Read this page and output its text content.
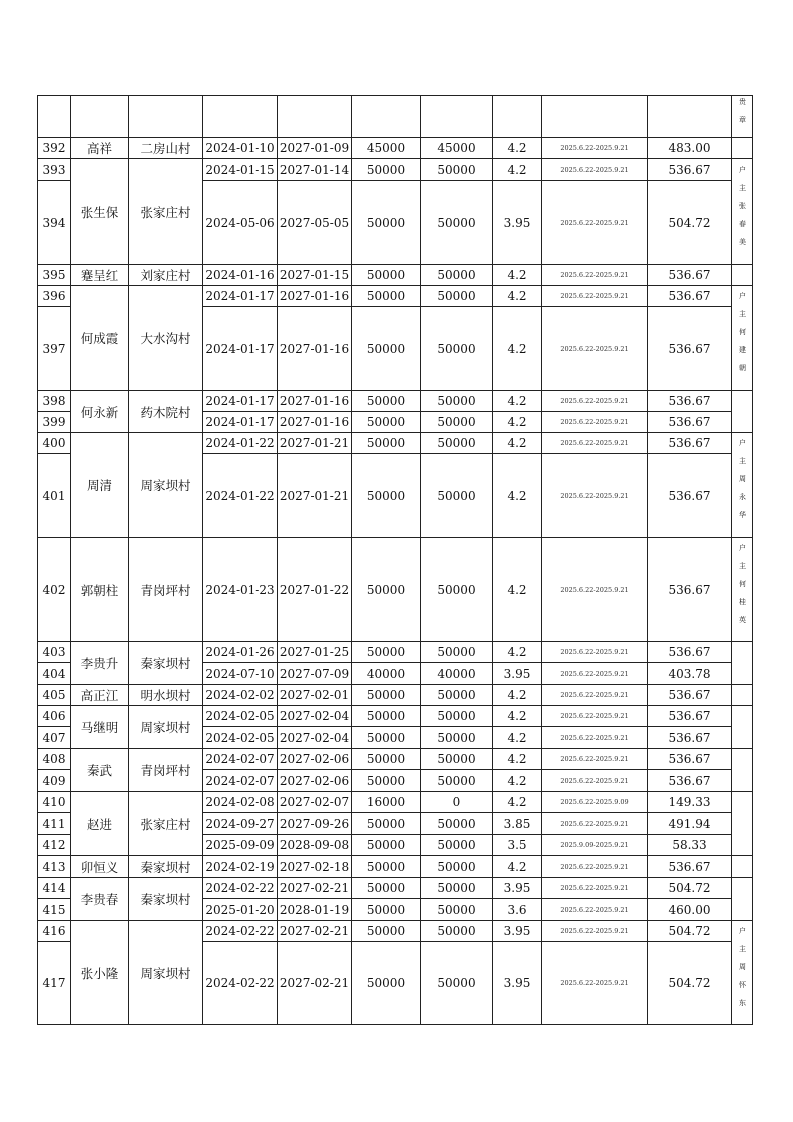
										贵章
392	高祥	二房山村	2024-01-10	2027-01-09	45000	45000	4.2	2025.6.22-2025.9.21	483.00	
393	张生保	张家庄村	2024-01-15	2027-01-14	50000	50000	4.2	2025.6.22-2025.9.21	536.67	户主张春美
394			2024-05-06	2027-05-05	50000	50000	3.95	2025.6.22-2025.9.21	504.72	
395	蹇呈红	刘家庄村	2024-01-16	2027-01-15	50000	50000	4.2	2025.6.22-2025.9.21	536.67	
396	何成霞	大水沟村	2024-01-17	2027-01-16	50000	50000	4.2	2025.6.22-2025.9.21	536.67	户主何建朝
397			2024-01-17	2027-01-16	50000	50000	4.2	2025.6.22-2025.9.21	536.67	
398	何永新	药木院村	2024-01-17	2027-01-16	50000	50000	4.2	2025.6.22-2025.9.21	536.67	
399			2024-01-17	2027-01-16	50000	50000	4.2	2025.6.22-2025.9.21	536.67	
400	周清	周家坝村	2024-01-22	2027-01-21	50000	50000	4.2	2025.6.22-2025.9.21	536.67	户主周永华
401			2024-01-22	2027-01-21	50000	50000	4.2	2025.6.22-2025.9.21	536.67	
402	郭朝柱	青岗坪村	2024-01-23	2027-01-22	50000	50000	4.2	2025.6.22-2025.9.21	536.67	户主何桂英
403	李贵升	秦家坝村	2024-01-26	2027-01-25	50000	50000	4.2	2025.6.22-2025.9.21	536.67	
404			2024-07-10	2027-07-09	40000	40000	3.95	2025.6.22-2025.9.21	403.78	
405	高正江	明水坝村	2024-02-02	2027-02-01	50000	50000	4.2	2025.6.22-2025.9.21	536.67	
406	马继明	周家坝村	2024-02-05	2027-02-04	50000	50000	4.2	2025.6.22-2025.9.21	536.67	
407			2024-02-05	2027-02-04	50000	50000	4.2	2025.6.22-2025.9.21	536.67	
408	秦武	青岗坪村	2024-02-07	2027-02-06	50000	50000	4.2	2025.6.22-2025.9.21	536.67	
409			2024-02-07	2027-02-06	50000	50000	4.2	2025.6.22-2025.9.21	536.67	
410	赵进	张家庄村	2024-02-08	2027-02-07	16000	0	4.2	2025.6.22-2025.9.09	149.33	
411			2024-09-27	2027-09-26	50000	50000	3.85	2025.6.22-2025.9.21	491.94	
412			2025-09-09	2028-09-08	50000	50000	3.5	2025.9.09-2025.9.21	58.33	
413	卯恒义	秦家坝村	2024-02-19	2027-02-18	50000	50000	4.2	2025.6.22-2025.9.21	536.67	
414	李贵春	秦家坝村	2024-02-22	2027-02-21	50000	50000	3.95	2025.6.22-2025.9.21	504.72	
415			2025-01-20	2028-01-19	50000	50000	3.6	2025.6.22-2025.9.21	460.00	
416	张小隆	周家坝村	2024-02-22	2027-02-21	50000	50000	3.95	2025.6.22-2025.9.21	504.72	户主周怀东
417			2024-02-22	2027-02-21	50000	50000	3.95	2025.6.22-2025.9.21	504.72	
